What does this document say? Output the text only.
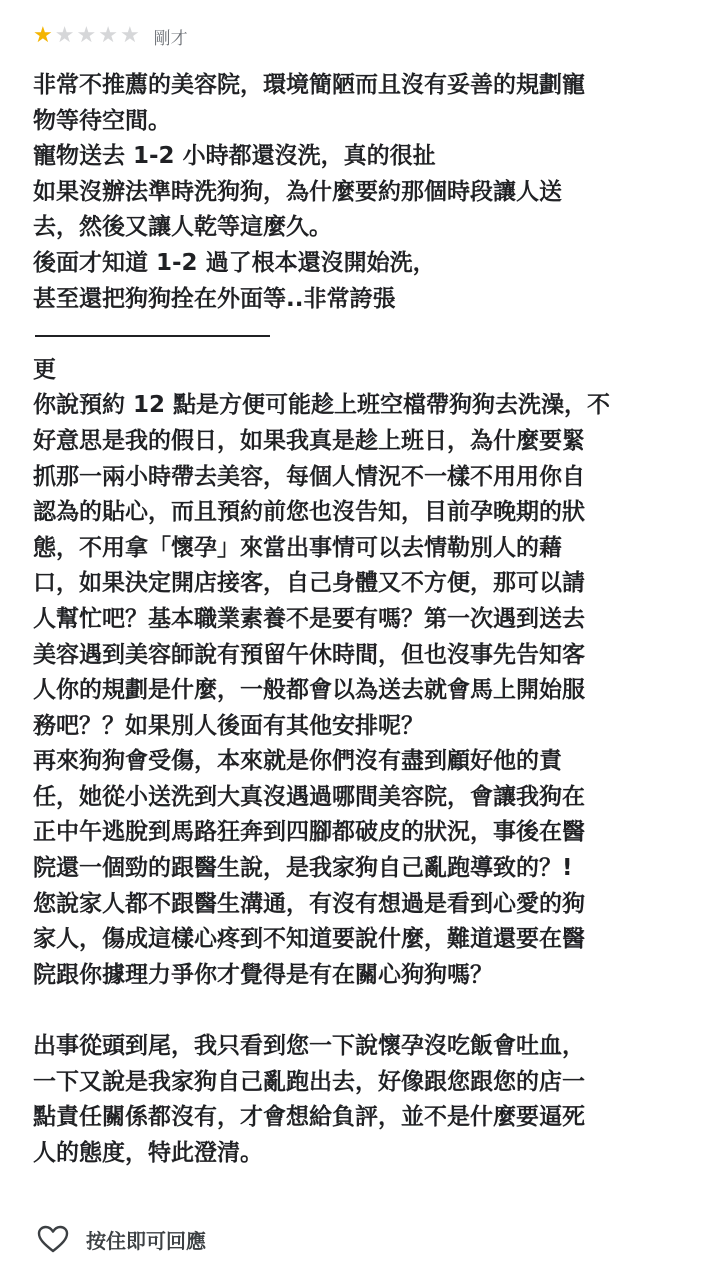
★ ★ ★ ★ ★ 剛才
非常不推薦的美容院，環境簡陋而且沒有妥善的規劃寵
物等待空間。
寵物送去 1-2 小時都還沒洗，真的很扯
如果沒辦法準時洗狗狗，為什麼要約那個時段讓人送
去，然後又讓人乾等這麼久。
後面才知道 1-2 過了根本還沒開始洗，
甚至還把狗狗拴在外面等..非常誇張
更
你說預約 12 點是方便可能趁上班空檔帶狗狗去洗澡，不
好意思是我的假日，如果我真是趁上班日，為什麼要緊
抓那一兩小時帶去美容，每個人情況不一樣不用用你自
認為的貼心，而且預約前您也沒告知，目前孕晚期的狀
態，不用拿「懷孕」來當出事情可以去情勒別人的藉
口，如果決定開店接客，自己身體又不方便，那可以請
人幫忙吧？基本職業素養不是要有嗎？第一次遇到送去
美容遇到美容師說有預留午休時間，但也沒事先告知客
人你的規劃是什麼，一般都會以為送去就會馬上開始服
務吧？？如果別人後面有其他安排呢？
再來狗狗會受傷，本來就是你們沒有盡到顧好他的責
任，她從小送洗到大真沒遇過哪間美容院，會讓我狗在
正中午逃脫到馬路狂奔到四腳都破皮的狀況，事後在醫
院還一個勁的跟醫生說，是我家狗自己亂跑導致的？!
您說家人都不跟醫生溝通，有沒有想過是看到心愛的狗
家人，傷成這樣心疼到不知道要說什麼，難道還要在醫
院跟你據理力爭你才覺得是有在關心狗狗嗎？
出事從頭到尾，我只看到您一下說懷孕沒吃飯會吐血，
一下又說是我家狗自己亂跑出去，好像跟您跟您的店一
點責任關係都沒有，才會想給負評，並不是什麼要逼死
人的態度，特此澄清。
按住即可回應
